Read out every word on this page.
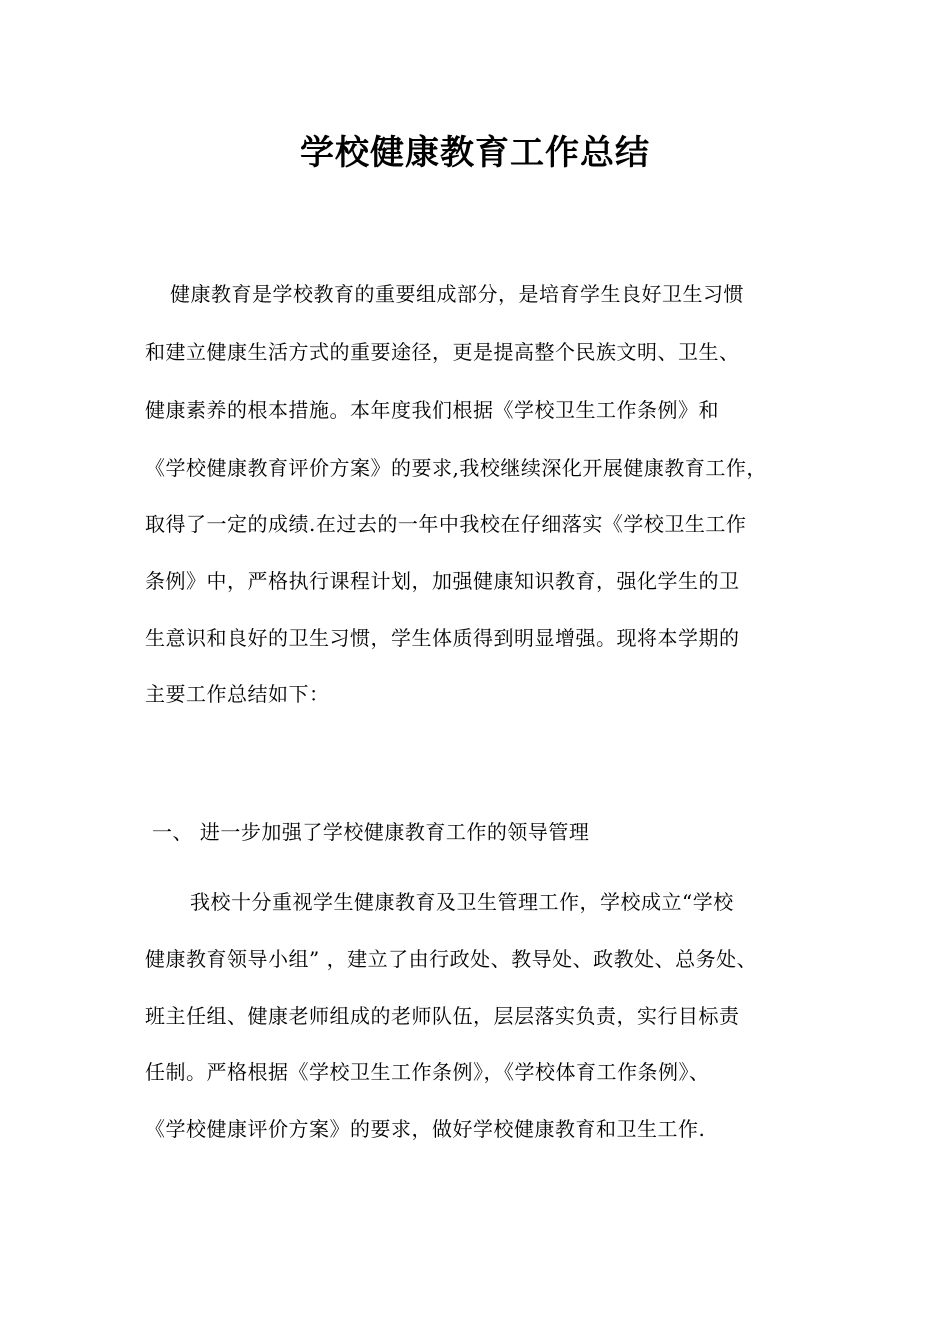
学校健康教育工作总结
健康教育是学校教育的重要组成部分，是培育学生良好卫生习惯
和建立健康生活方式的重要途径，更是提高整个民族文明、卫生、
健康素养的根本措施。本年度我们根据《学校卫生工作条例》和
《学校健康教育评价方案》的要求,我校继续深化开展健康教育工作，
取得了一定的成绩.在过去的一年中我校在仔细落实《学校卫生工作
条例》中，严格执行课程计划，加强健康知识教育，强化学生的卫
生意识和良好的卫生习惯，学生体质得到明显增强。现将本学期的
主要工作总结如下：
一、 进一步加强了学校健康教育工作的领导管理
我校十分重视学生健康教育及卫生管理工作，学校成立“学校
健康教育领导小组” ，建立了由行政处、教导处、政教处、总务处、
班主任组、健康老师组成的老师队伍，层层落实负责，实行目标责
任制。严格根据《学校卫生工作条例》，《学校体育工作条例》、
《学校健康评价方案》的要求，做好学校健康教育和卫生工作.
